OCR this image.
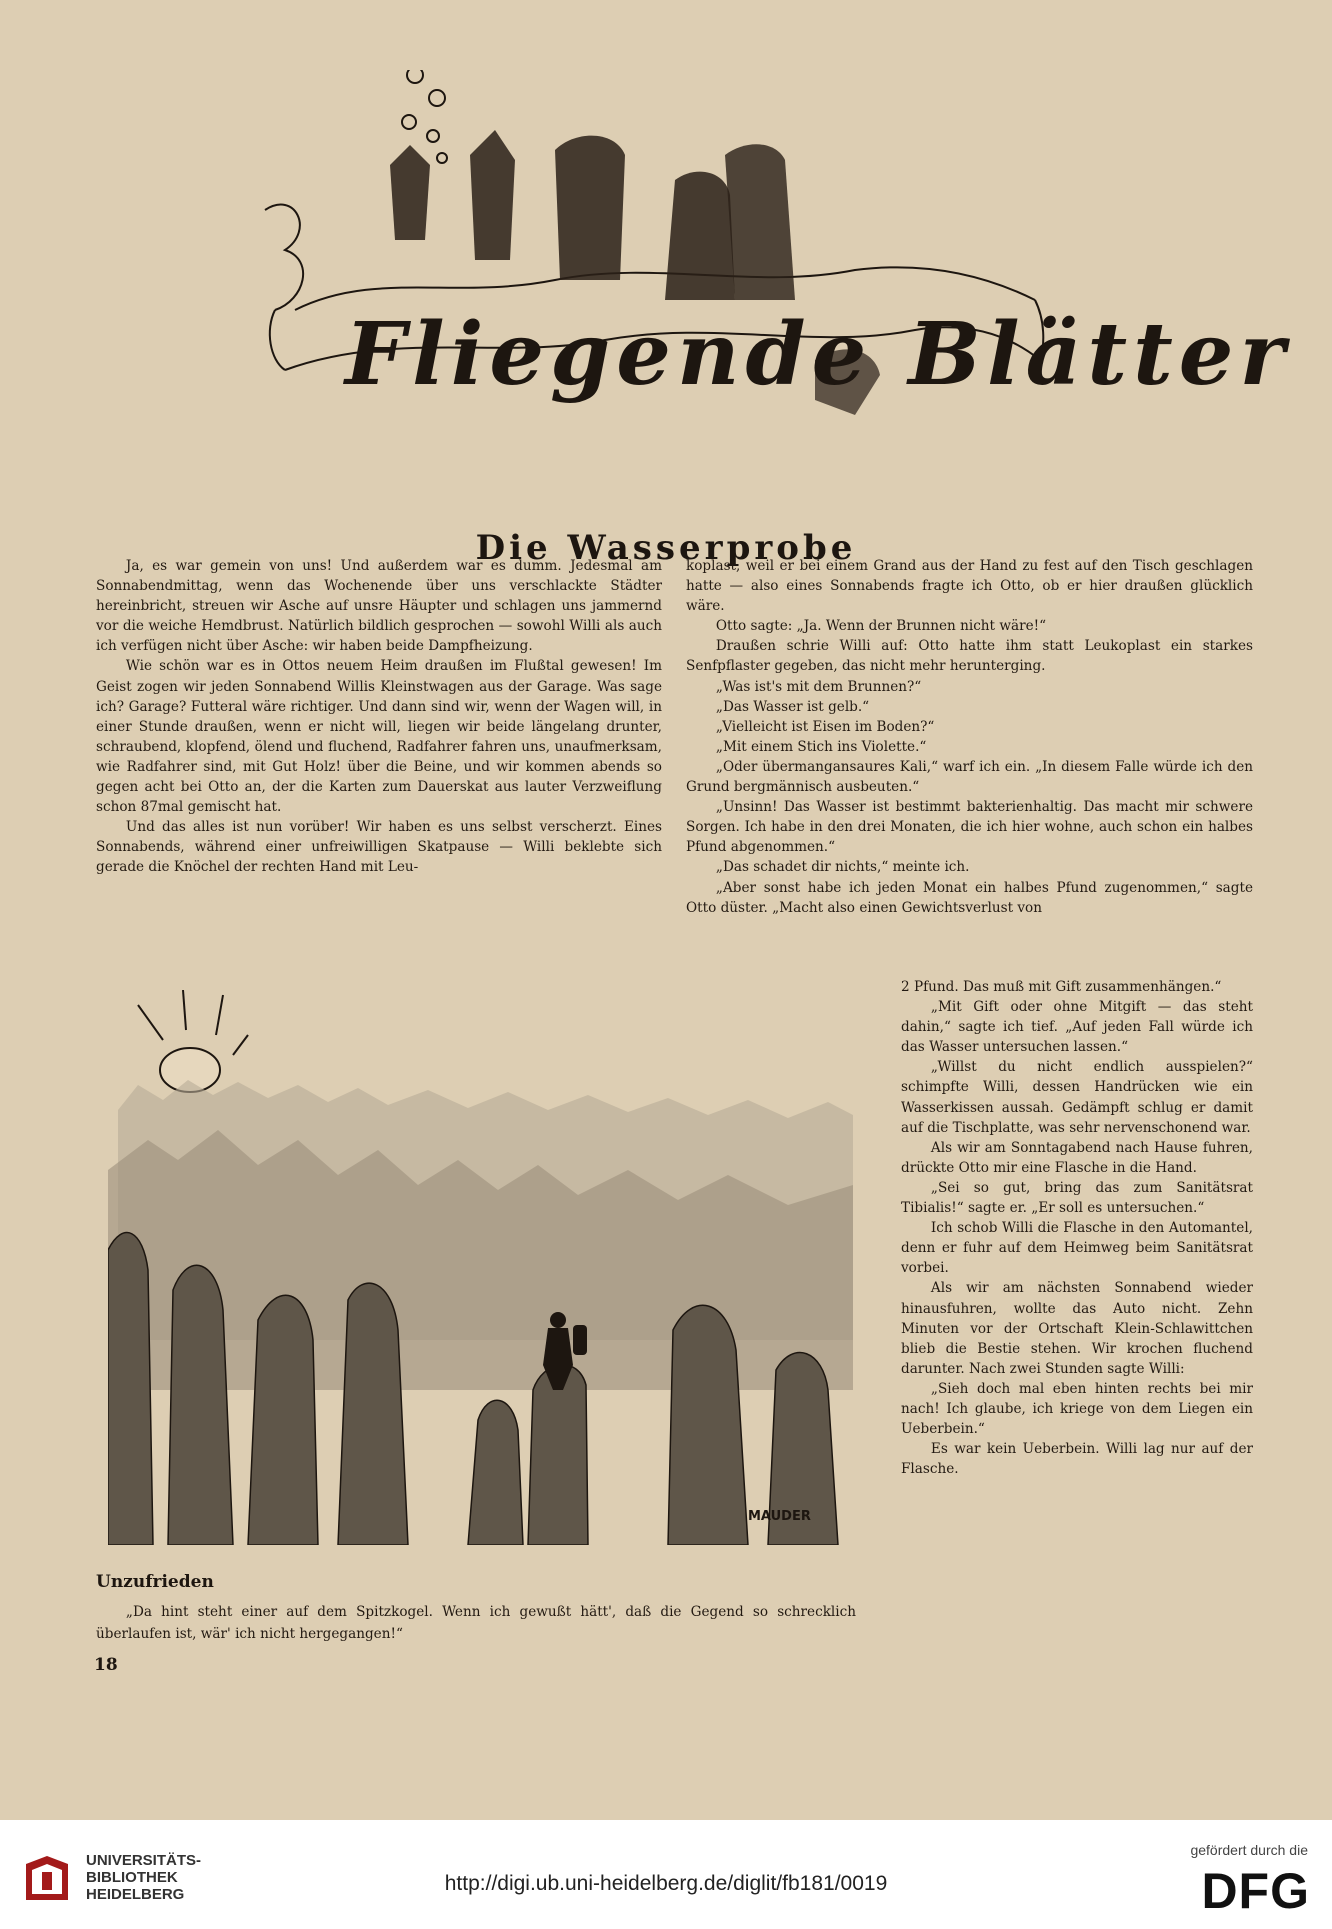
Fliegende Blätter
Die Wasserprobe

Ja, es war gemein von uns! Und außerdem war es dumm. Jedesmal am Sonnabendmittag, wenn das Wochenende über uns verschlackte Städter hereinbricht, streuen wir Asche auf unsre Häupter und schlagen uns jammernd vor die weiche Hemdbrust. Natürlich bildlich gesprochen — sowohl Willi als auch ich verfügen nicht über Asche: wir haben beide Dampfheizung.

Wie schön war es in Ottos neuem Heim draußen im Flußtal gewesen! Im Geist zogen wir jeden Sonnabend Willis Kleinstwagen aus der Garage. Was sage ich? Garage? Futteral wäre richtiger. Und dann sind wir, wenn der Wagen will, in einer Stunde draußen, wenn er nicht will, liegen wir beide längelang drunter, schraubend, klopfend, ölend und fluchend, Radfahrer fahren uns, unaufmerksam, wie Radfahrer sind, mit Gut Holz! über die Beine, und wir kommen abends so gegen acht bei Otto an, der die Karten zum Dauerskat aus lauter Verzweiflung schon 87mal gemischt hat.

Und das alles ist nun vorüber! Wir haben es uns selbst verscherzt. Eines Sonnabends, während einer unfreiwilligen Skatpause — Willi beklebte sich gerade die Knöchel der rechten Hand mit Leu-

koplast, weil er bei einem Grand aus der Hand zu fest auf den Tisch geschlagen hatte — also eines Sonnabends fragte ich Otto, ob er hier draußen glücklich wäre.

Otto sagte: „Ja. Wenn der Brunnen nicht wäre!“

Draußen schrie Willi auf: Otto hatte ihm statt Leukoplast ein starkes Senfpflaster gegeben, das nicht mehr herunterging.

„Was ist's mit dem Brunnen?“

„Das Wasser ist gelb.“

„Vielleicht ist Eisen im Boden?“

„Mit einem Stich ins Violette.“

„Oder übermangansaures Kali,“ warf ich ein. „In diesem Falle würde ich den Grund bergmännisch ausbeuten.“

„Unsinn! Das Wasser ist bestimmt bakterienhaltig. Das macht mir schwere Sorgen. Ich habe in den drei Monaten, die ich hier wohne, auch schon ein halbes Pfund abgenommen.“

„Das schadet dir nichts,“ meinte ich.

„Aber sonst habe ich jeden Monat ein halbes Pfund zugenommen,“ sagte Otto düster. „Macht also einen Gewichtsverlust von

2 Pfund. Das muß mit Gift zusammenhängen.“

„Mit Gift oder ohne Mitgift — das steht dahin,“ sagte ich tief. „Auf jeden Fall würde ich das Wasser untersuchen lassen.“

„Willst du nicht endlich ausspielen?“ schimpfte Willi, dessen Handrücken wie ein Wasserkissen aussah. Gedämpft schlug er damit auf die Tischplatte, was sehr nervenschonend war.

Als wir am Sonntagabend nach Hause fuhren, drückte Otto mir eine Flasche in die Hand.

„Sei so gut, bring das zum Sanitätsrat Tibialis!“ sagte er. „Er soll es untersuchen.“

Ich schob Willi die Flasche in den Automantel, denn er fuhr auf dem Heimweg beim Sanitätsrat vorbei.

Als wir am nächsten Sonnabend wieder hinausfuhren, wollte das Auto nicht. Zehn Minuten vor der Ortschaft Klein-Schlawittchen blieb die Bestie stehen. Wir krochen fluchend darunter. Nach zwei Stunden sagte Willi:

„Sieh doch mal eben hinten rechts bei mir nach! Ich glaube, ich kriege von dem Liegen ein Ueberbein.“

Es war kein Ueberbein. Willi lag nur auf der Flasche.

MAUDER
Unzufrieden
„Da hint steht einer auf dem Spitzkogel. Wenn ich gewußt hätt', daß die Gegend so schrecklich überlaufen ist, wär' ich nicht hergegangen!“
18
UNIVERSITÄTS-
BIBLIOTHEK
HEIDELBERG	http://digi.ub.uni-heidelberg.de/diglit/fb181/0019
gefördert durch die
DFG
